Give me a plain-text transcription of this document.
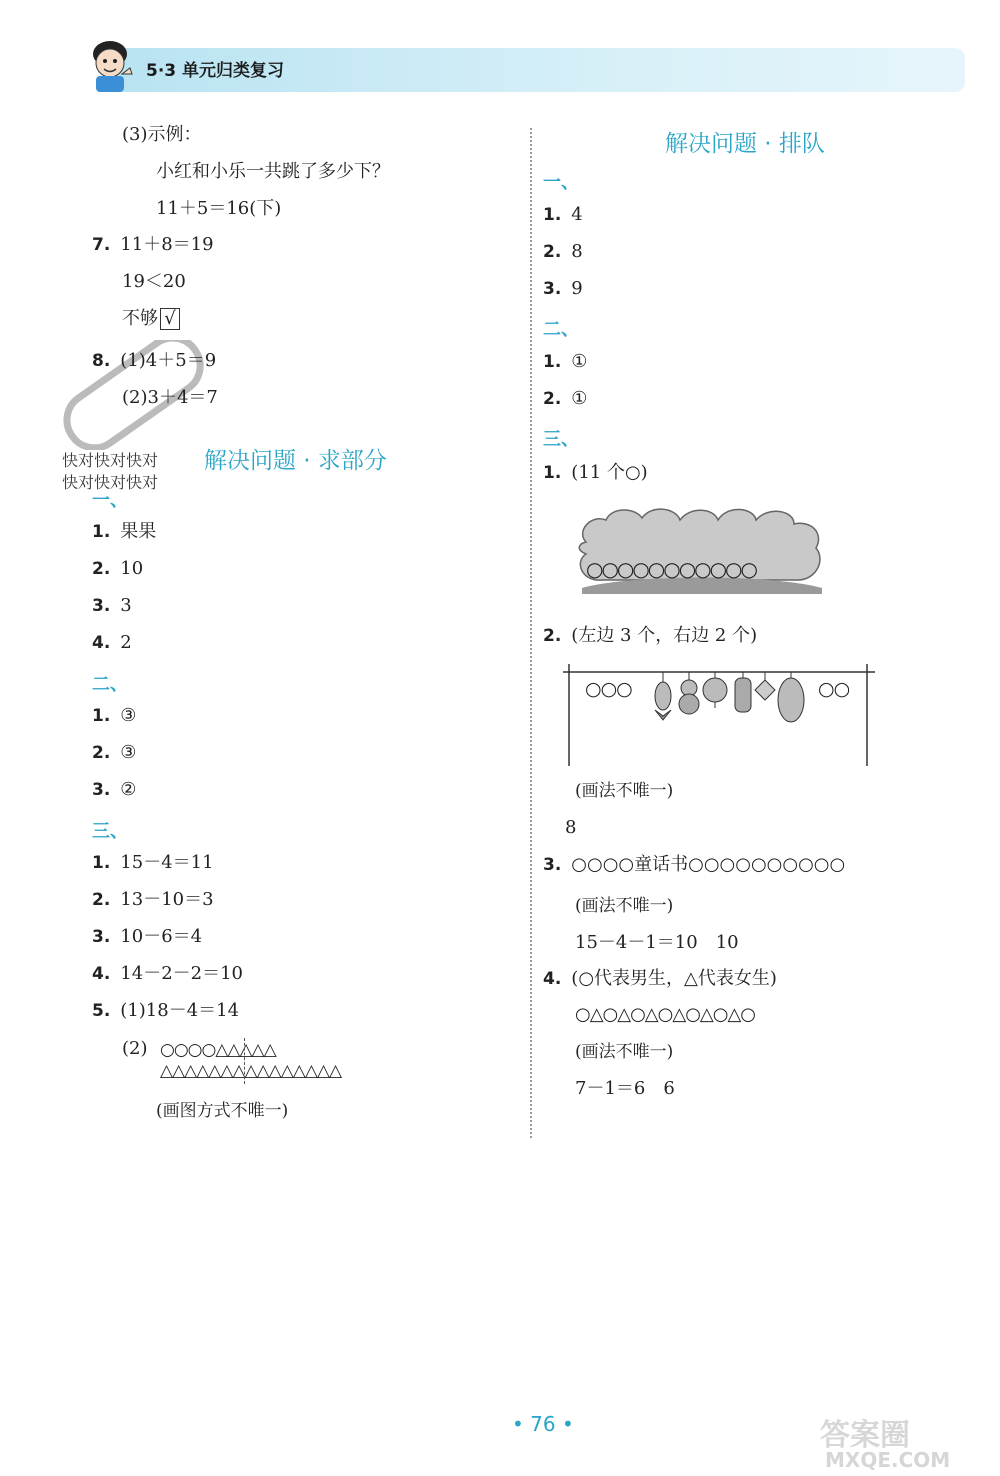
5·3 单元归类复习
(3)示例：
小红和小乐一共跳了多少下？
11＋5＝16(下)
7. 11＋8＝19
19＜20
不够 √
8. (1)4＋5＝9
(2)3＋4＝7
快对快对快对
快对快对快对
解决问题 · 求部分
一、
1. 果果
2. 10
3. 3
4. 2
二、
1. ③
2. ③
3. ②
三、
1. 15－4＝11
2. 13－10＝3
3. 10－6＝4
4. 14－2－2＝10
5. (1)18－4＝14
(2) ○○○○△△△△△
△△△△△△△△△△△△△△△
(画图方式不唯一)
解决问题 · 排队
一、
1. 4
2. 8
3. 9
二、
1. ①
2. ①
三、
1. (11 个○)
○○○○○○○○○○○
2. (左边 3 个，右边 2 个)
○○○	○○
(画法不唯一)
8
3. ○○○○童话书○○○○○○○○○○
(画法不唯一)
15－4－1＝10　10
4. (○代表男生，△代表女生)
○△○△○△○△○△○△○
(画法不唯一)
7－1＝6　6
• 76 •	答案圈
MXQE.COM
